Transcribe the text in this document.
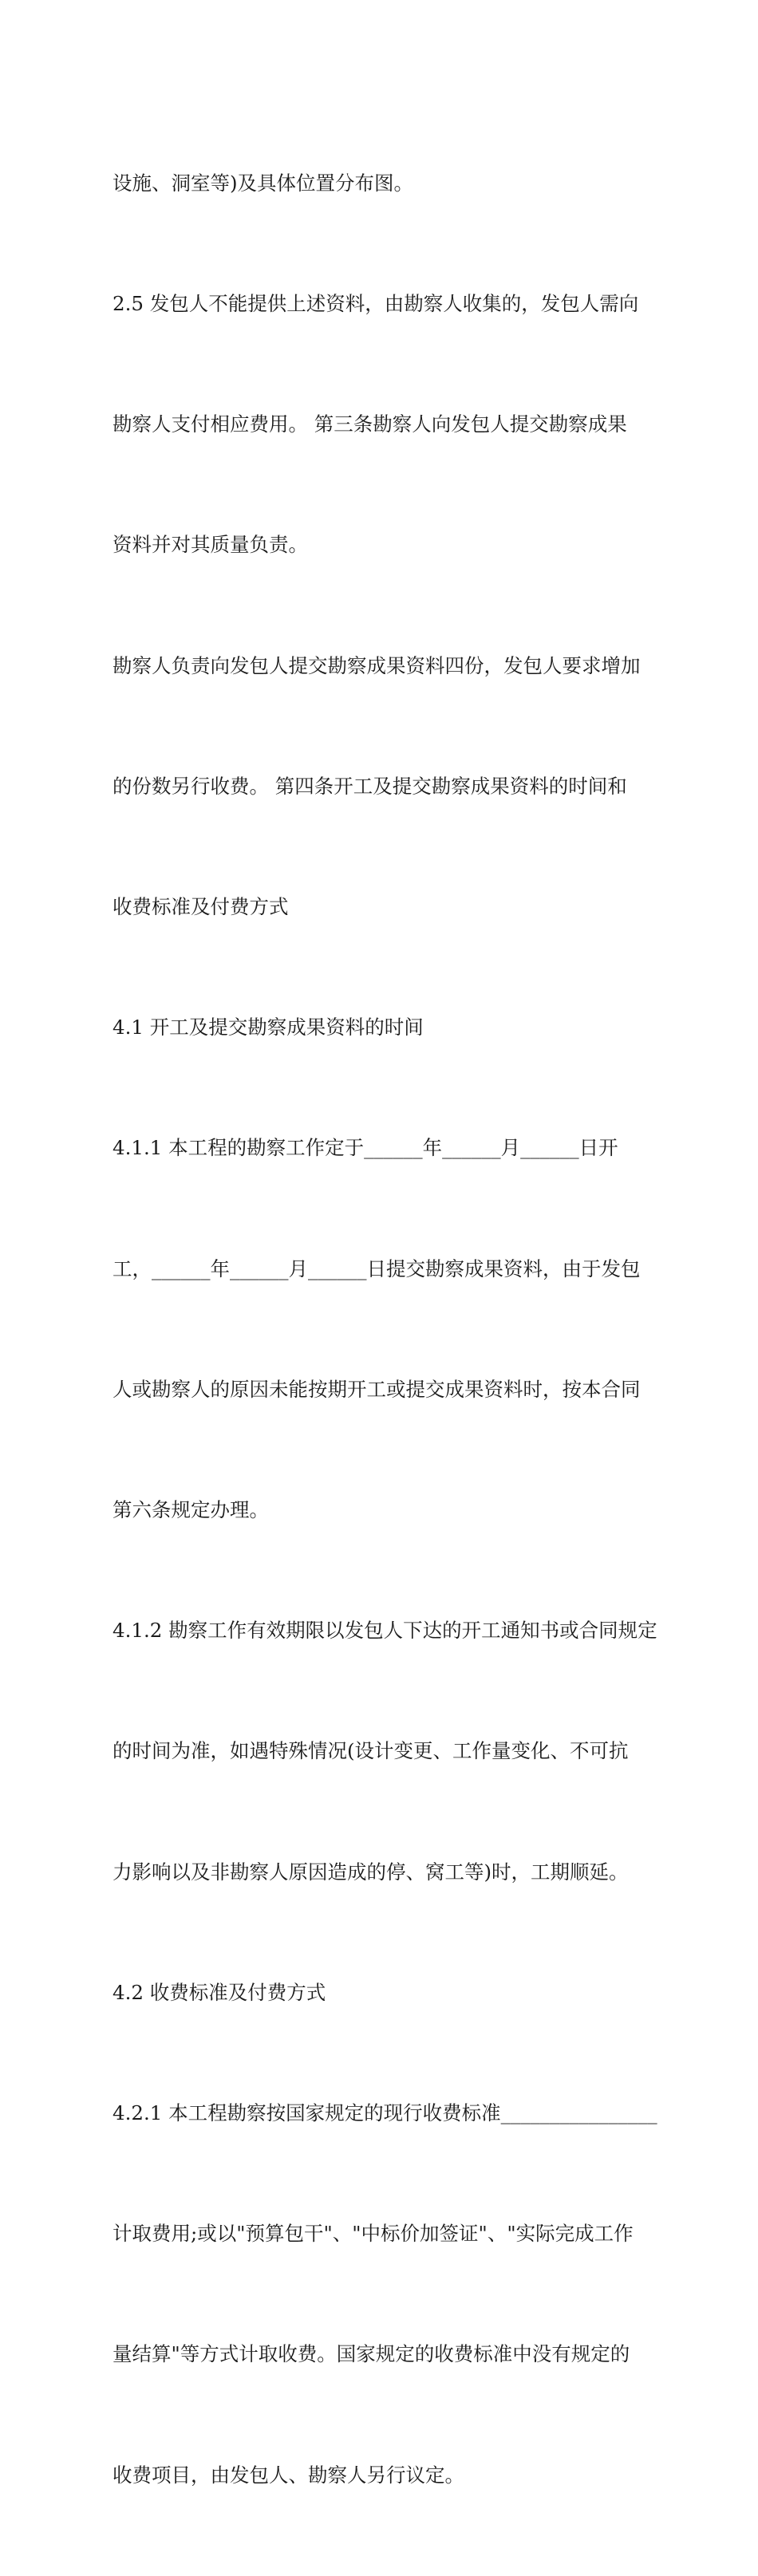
设施、洞室等)及具体位置分布图。

2.5 发包人不能提供上述资料，由勘察人收集的，发包人需向

勘察人支付相应费用。 第三条勘察人向发包人提交勘察成果

资料并对其质量负责。

勘察人负责向发包人提交勘察成果资料四份，发包人要求增加

的份数另行收费。 第四条开工及提交勘察成果资料的时间和

收费标准及付费方式

4.1 开工及提交勘察成果资料的时间

4.1.1 本工程的勘察工作定于______年______月______日开

工，______年______月______日提交勘察成果资料，由于发包

人或勘察人的原因未能按期开工或提交成果资料时，按本合同

第六条规定办理。

4.1.2 勘察工作有效期限以发包人下达的开工通知书或合同规定

的时间为准，如遇特殊情况(设计变更、工作量变化、不可抗

力影响以及非勘察人原因造成的停、窝工等)时，工期顺延。

4.2 收费标准及付费方式

4.2.1 本工程勘察按国家规定的现行收费标准________________

计取费用;或以"预算包干"、"中标价加签证"、"实际完成工作

量结算"等方式计取收费。国家规定的收费标准中没有规定的

收费项目，由发包人、勘察人另行议定。
